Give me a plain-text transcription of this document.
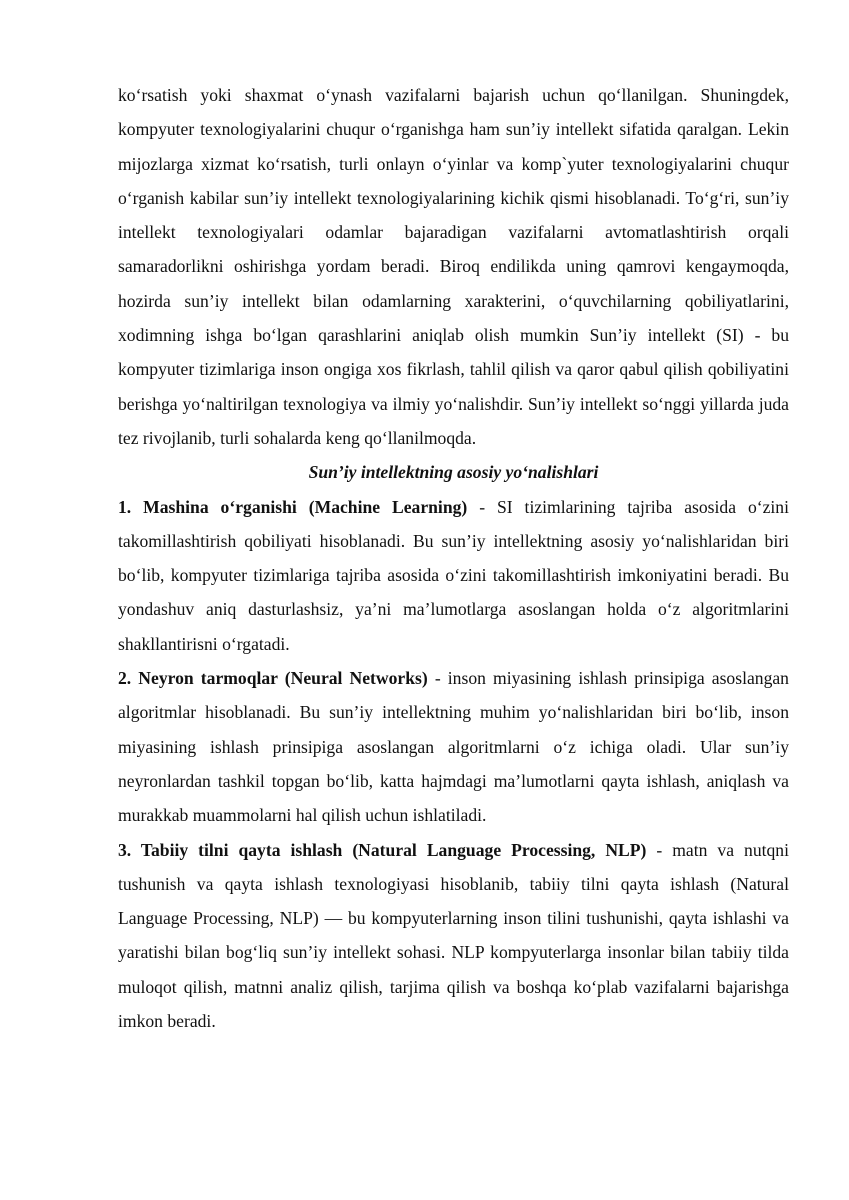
koʻrsatish yoki shaxmat oʻynash vazifalarni bajarish uchun qoʻllanilgan. Shuningdek, kompyuter texnologiyalarini chuqur oʻrganishga ham sun’iy intellekt sifatida qaralgan. Lekin mijozlarga xizmat koʻrsatish, turli onlayn oʻyinlar va komp`yuter texnologiyalarini chuqur oʻrganish kabilar sun’iy intellekt texnologiyalarining kichik qismi hisoblanadi. Toʻgʻri, sun’iy intellekt texnologiyalari odamlar bajaradigan vazifalarni avtomatlashtirish orqali samaradorlikni oshirishga yordam beradi. Biroq endilikda uning qamrovi kengaymoqda, hozirda sun’iy intellekt bilan odamlarning xarakterini, oʻquvchilarning qobiliyatlarini, xodimning ishga boʻlgan qarashlarini aniqlab olish mumkin Sun’iy intellekt (SI) - bu kompyuter tizimlariga inson ongiga xos fikrlash, tahlil qilish va qaror qabul qilish qobiliyatini berishga yoʻnaltirilgan texnologiya va ilmiy yoʻnalishdir. Sun’iy intellekt soʻnggi yillarda juda tez rivojlanib, turli sohalarda keng qoʻllanilmoqda.

Sun’iy intellektning asosiy yoʻnalishlari

1. Mashina oʻrganishi (Machine Learning) - SI tizimlarining tajriba asosida oʻzini takomillashtirish qobiliyati hisoblanadi. Bu sun’iy intellektning asosiy yoʻnalishlaridan biri boʻlib, kompyuter tizimlariga tajriba asosida oʻzini takomillashtirish imkoniyatini beradi. Bu yondashuv aniq dasturlashsiz, ya’ni ma’lumotlarga asoslangan holda oʻz algoritmlarini shakllantirisni oʻrgatadi.

2. Neyron tarmoqlar (Neural Networks) - inson miyasining ishlash prinsipiga asoslangan algoritmlar hisoblanadi. Bu sun’iy intellektning muhim yoʻnalishlaridan biri boʻlib, inson miyasining ishlash prinsipiga asoslangan algoritmlarni oʻz ichiga oladi. Ular sun’iy neyronlardan tashkil topgan boʻlib, katta hajmdagi ma’lumotlarni qayta ishlash, aniqlash va murakkab muammolarni hal qilish uchun ishlatiladi.

3. Tabiiy tilni qayta ishlash (Natural Language Processing, NLP) - matn va nutqni tushunish va qayta ishlash texnologiyasi hisoblanib, tabiiy tilni qayta ishlash (Natural Language Processing, NLP) — bu kompyuterlarning inson tilini tushunishi, qayta ishlashi va yaratishi bilan bogʻliq sun’iy intellekt sohasi. NLP kompyuterlarga insonlar bilan tabiiy tilda muloqot qilish, matnni analiz qilish, tarjima qilish va boshqa koʻplab vazifalarni bajarishga imkon beradi.
